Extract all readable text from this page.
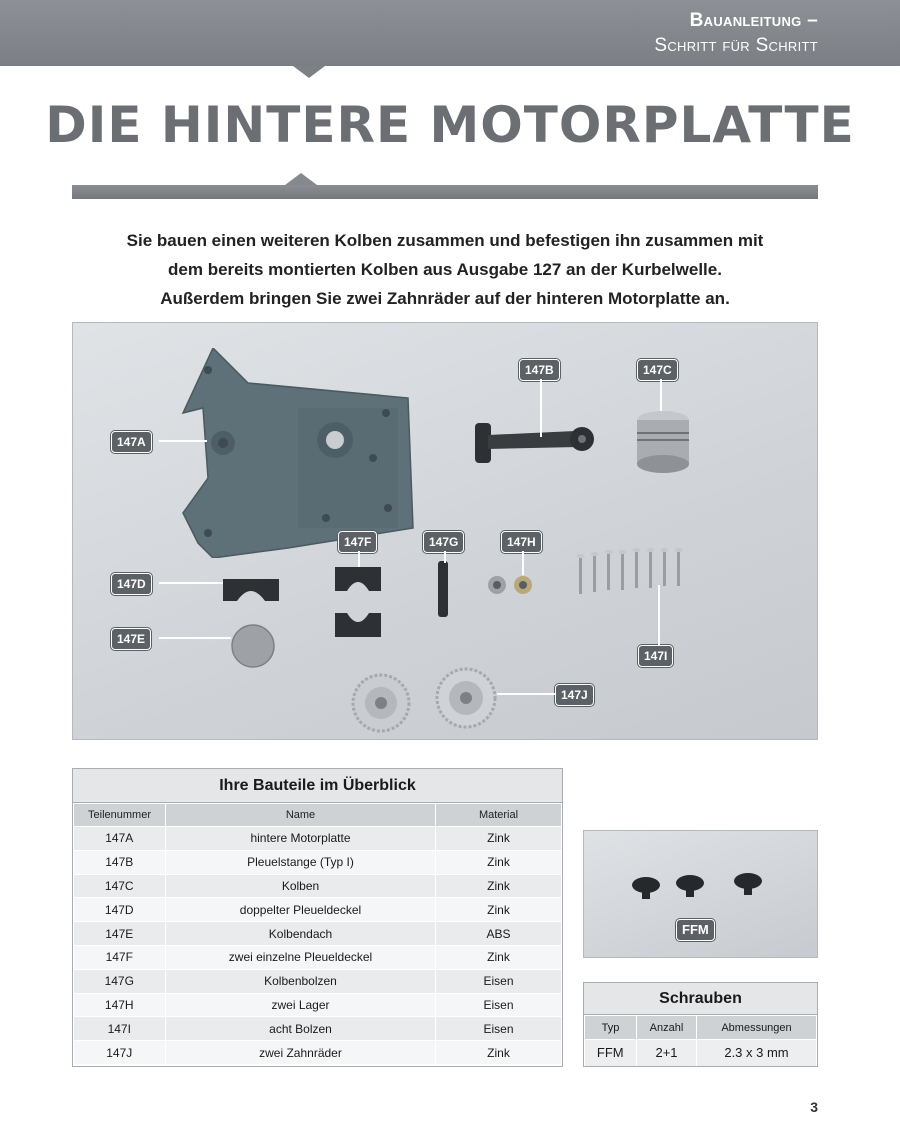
Bauanleitung –
Schritt für Schritt
DIE HINTERE MOTORPLATTE
Sie bauen einen weiteren Kolben zusammen und befestigen ihn zusammen mit
dem bereits montierten Kolben aus Ausgabe 127 an der Kurbelwelle.
Außerdem bringen Sie zwei Zahnräder auf der hinteren Motorplatte an.
147A
147B	147C
147D
147E
147F	147G	147H
147I
147J
Ihre Bauteile im Überblick
Teilenummer	Name	Material
147A	hintere Motorplatte	Zink
147B	Pleuelstange (Typ I)	Zink
147C	Kolben	Zink
147D	doppelter Pleueldeckel	Zink
147E	Kolbendach	ABS
147F	zwei einzelne Pleueldeckel	Zink
147G	Kolbenbolzen	Eisen
147H	zwei Lager	Eisen
147I	acht Bolzen	Eisen
147J	zwei Zahnräder	Zink
FFM
Schrauben
Typ	Anzahl	Abmessungen
FFM	2+1	2.3 x 3 mm
3
